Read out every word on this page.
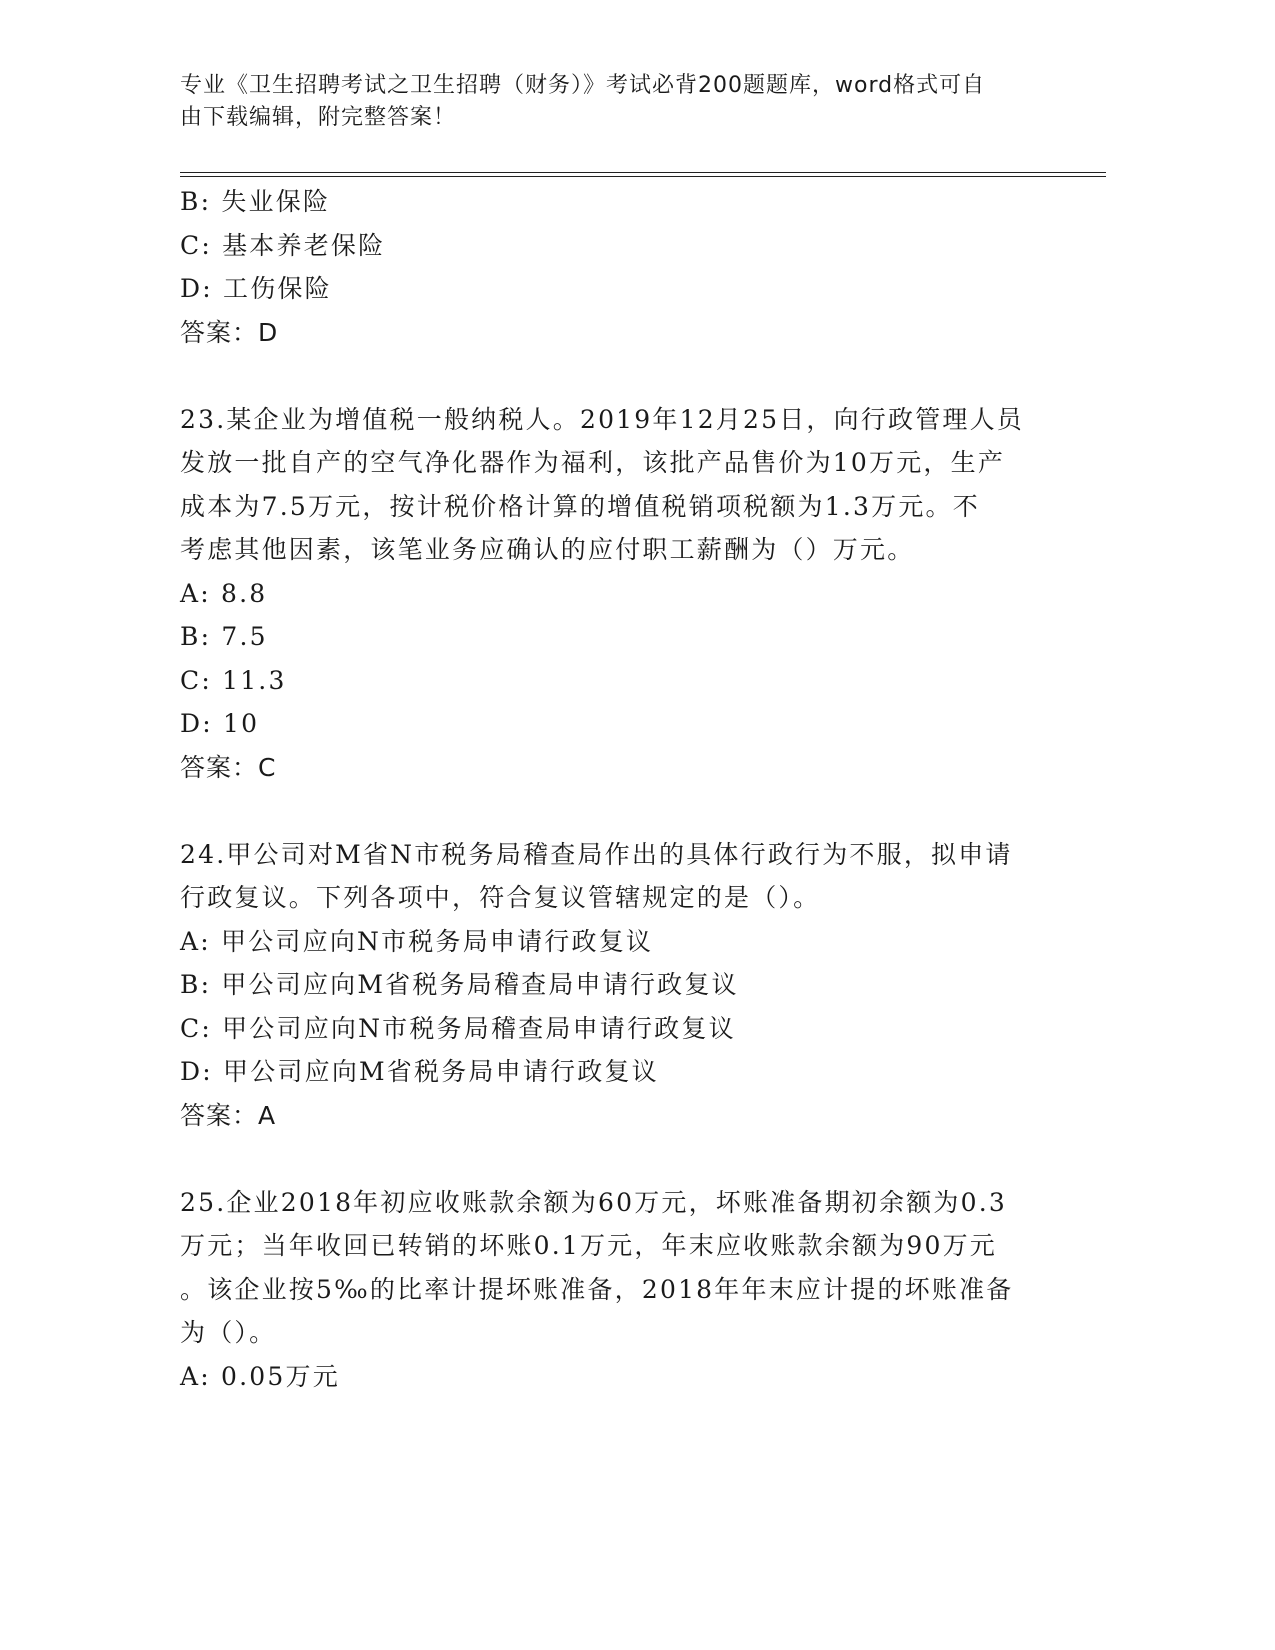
专业《卫生招聘考试之卫生招聘（财务）》考试必背200题题库，word格式可自
由下载编辑，附完整答案！
B: 失业保险
C: 基本养老保险
D: 工伤保险
答案：D
23.某企业为增值税一般纳税人。2019年12月25日，向行政管理人员
发放一批自产的空气净化器作为福利，该批产品售价为10万元，生产
成本为7.5万元，按计税价格计算的增值税销项税额为1.3万元。不
考虑其他因素，该笔业务应确认的应付职工薪酬为（）万元。
A: 8.8
B: 7.5
C: 11.3
D: 10
答案：C
24.甲公司对M省N市税务局稽查局作出的具体行政行为不服，拟申请
行政复议。下列各项中，符合复议管辖规定的是（）。
A: 甲公司应向N市税务局申请行政复议
B: 甲公司应向M省税务局稽查局申请行政复议
C: 甲公司应向N市税务局稽查局申请行政复议
D: 甲公司应向M省税务局申请行政复议
答案：A
25.企业2018年初应收账款余额为60万元，坏账准备期初余额为0.3
万元；当年收回已转销的坏账0.1万元，年末应收账款余额为90万元
。该企业按5‰的比率计提坏账准备，2018年年末应计提的坏账准备
为（）。
A: 0.05万元
